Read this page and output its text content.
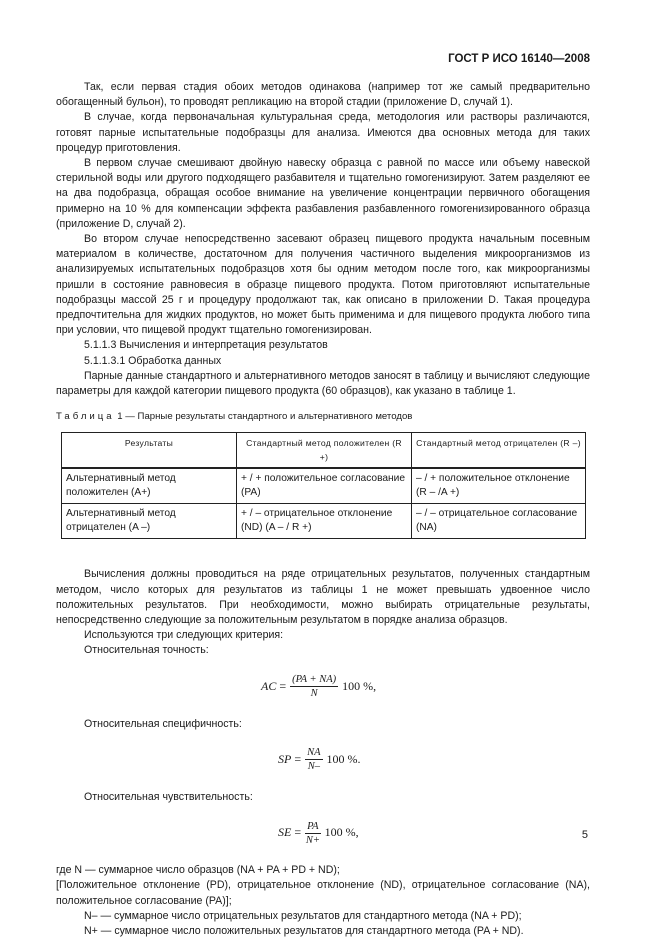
ГОСТ Р ИСО 16140—2008

Так, если первая стадия обоих методов одинакова (например тот же самый предварительно обогащенный бульон), то проводят репликацию на второй стадии (приложение D, случай 1).

В случае, когда первоначальная культуральная среда, методология или растворы различаются, готовят парные испытательные подобразцы для анализа. Имеются два основных метода для таких процедур приготовления.

В первом случае смешивают двойную навеску образца с равной по массе или объему навеской стерильной воды или другого подходящего разбавителя и тщательно гомогенизируют. Затем разделяют ее на два подобразца, обращая особое внимание на увеличение концентрации первичного обогащения примерно на 10 % для компенсации эффекта разбавления разбавленного гомогенизированного образца (приложение D, случай 2).

Во втором случае непосредственно засевают образец пищевого продукта начальным посевным материалом в количестве, достаточном для получения частичного выделения микроорганизмов из анализируемых испытательных подобразцов хотя бы одним методом после того, как микроорганизмы пришли в состояние равновесия в образце пищевого продукта. Потом приготовляют испытательные подобразцы массой 25 г и процедуру продолжают так, как описано в приложении D. Такая процедура предпочтительна для жидких продуктов, но может быть применима и для пищевого продукта любого типа при условии, что пищевой продукт тщательно гомогенизирован.

5.1.1.3 Вычисления и интерпретация результатов

5.1.1.3.1 Обработка данных

Парные данные стандартного и альтернативного методов заносят в таблицу и вычисляют следующие параметры для каждой категории пищевого продукта (60 образцов), как указано в таблице 1.

Таблица 1 — Парные результаты стандартного и альтернативного методов
Результаты	Стандартный метод положителен (R +)	Стандартный метод отрицателен (R –)
Альтернативный метод положителен (A+)	+ / + положительное согласование (PA)	– / + положительное отклонение (R – /A +)
Альтернативный метод отрицателен (A –)	+ / – отрицательное отклонение (ND) (A – / R +)	– / – отрицательное согласование (NA)

Вычисления должны проводиться на ряде отрицательных результатов, полученных стандартным методом, число которых для результатов из таблицы 1 не может превышать удвоенное число положительных результатов. При необходимости, можно выбирать отрицательные результаты, непосредственно следующие за положительным результатом в порядке анализа образцов.

Используются три следующих критерия:

Относительная точность:

AC = $\frac{(PA + NA)}{N} 100$ %,

Относительная специфичность:

SP = $\frac{NA}{N-} 100$ %.

Относительная чувствительность:

SE = $\frac{PA}{N+} 100$ %,

где N — суммарное число образцов (NA + PA + PD + ND);

[Положительное отклонение (PD), отрицательное отклонение (ND), отрицательное согласование (NA), положительное согласование (PA)];

N– — суммарное число отрицательных результатов для стандартного метода (NA + PD);

N+ — суммарное число положительных результатов для стандартного метода (PA + ND).

5
